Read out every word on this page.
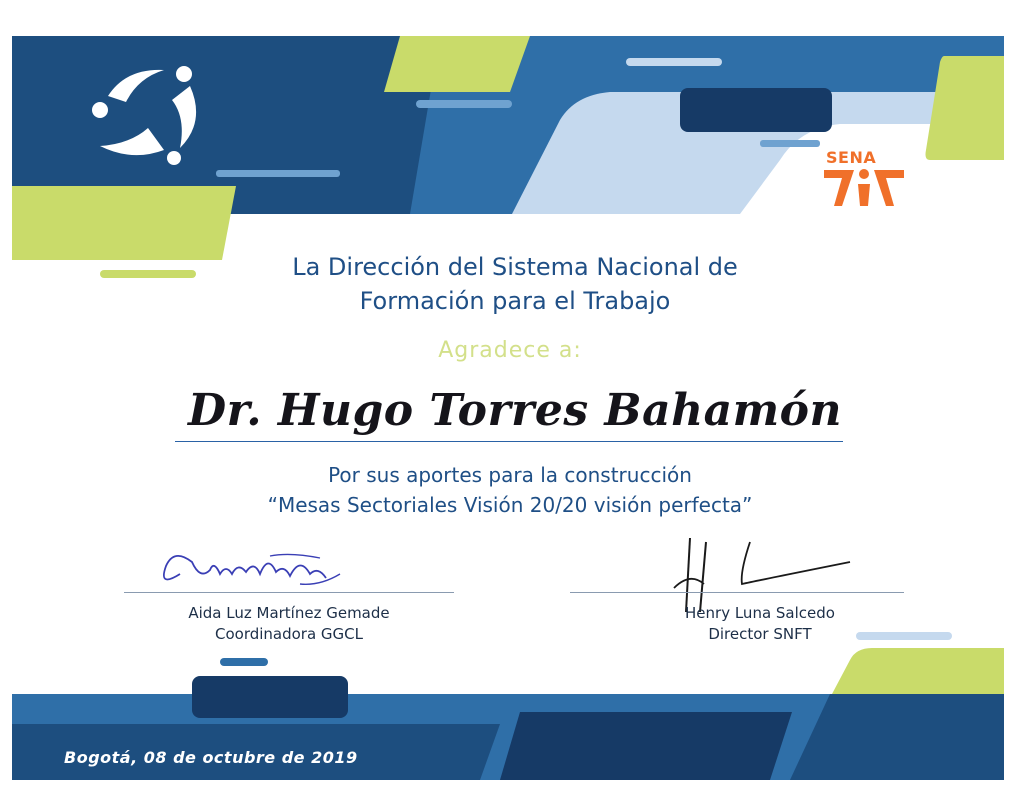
SENA
La Dirección del Sistema Nacional de
Formación para el Trabajo
Agradece a:
Dr. Hugo Torres Bahamón
Por sus aportes para la construcción
“Mesas Sectoriales Visión 20/20 visión perfecta”
Aida Luz Martínez Gemade
Coordinadora GGCL
Henry Luna Salcedo
Director SNFT
Bogotá, 08 de octubre de 2019
